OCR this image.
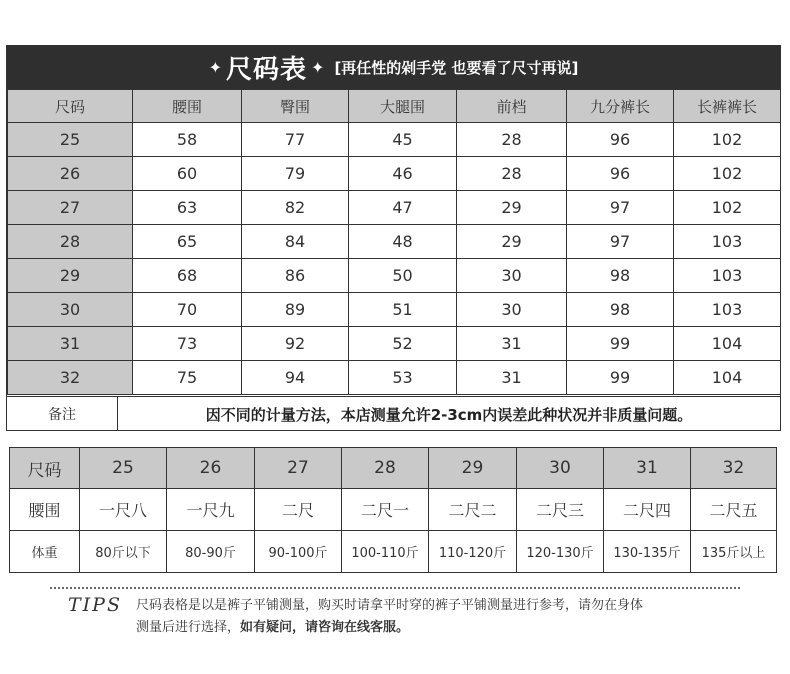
✦ 尺码表 ✦ [再任性的剁手党 也要看了尺寸再说]
尺码	腰围	臀围	大腿围	前档	九分裤长	长裤裤长
25	58	77	45	28	96	102
26	60	79	46	28	96	102
27	63	82	47	29	97	102
28	65	84	48	29	97	103
29	68	86	50	30	98	103
30	70	89	51	30	98	103
31	73	92	52	31	99	104
32	75	94	53	31	99	104
备注	因不同的计量方法，本店测量允许2-3cm内误差此种状况并非质量问题。
尺码	25	26	27	28	29	30	31	32
腰围	一尺八	一尺九	二尺	二尺一	二尺二	二尺三	二尺四	二尺五
体重	80斤以下	80-90斤	90-100斤	100-110斤	110-120斤	120-130斤	130-135斤	135斤以上
TIPS 尺码表格是以是裤子平铺测量，购买时请拿平时穿的裤子平铺测量进行参考，请勿在身体
测量后进行选择，如有疑问，请咨询在线客服。
